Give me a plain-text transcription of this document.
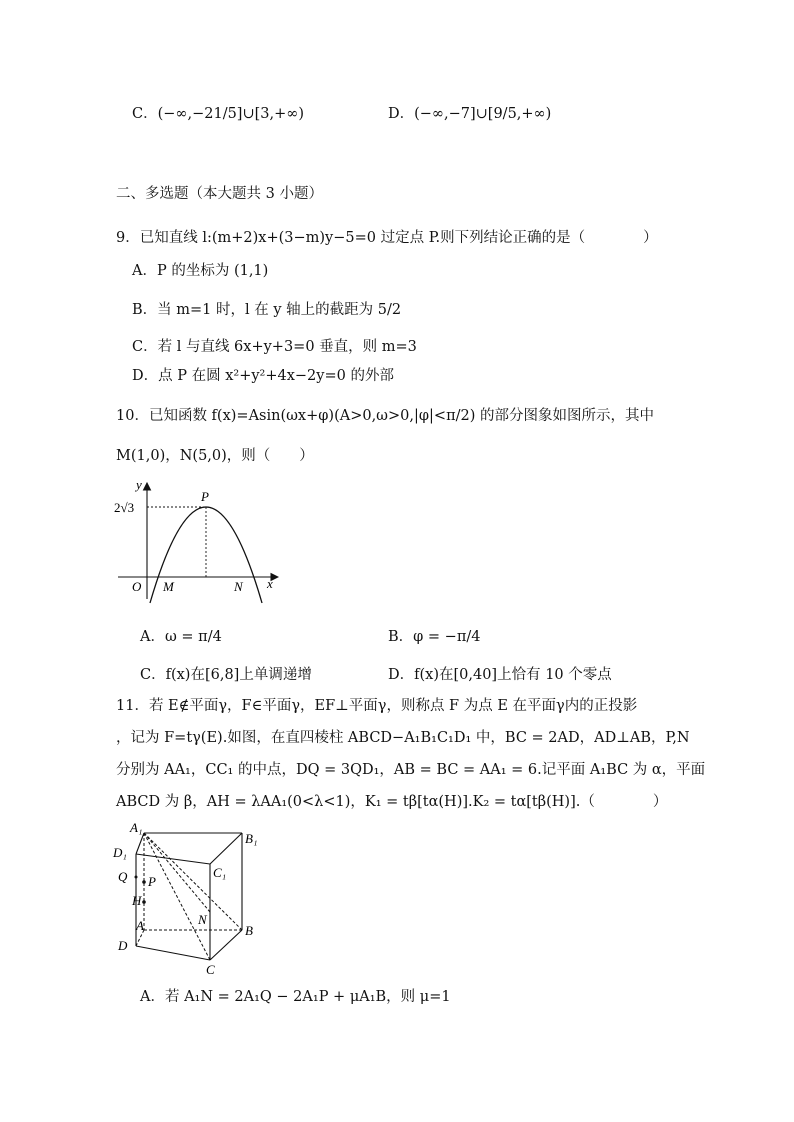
C．(−∞,−21/5]∪[3,+∞)	D．(−∞,−7]∪[9/5,+∞)
二、多选题（本大题共 3 小题）
9．已知直线 l:(m+2)x+(3−m)y−5=0 过定点 P.则下列结论正确的是（　　　　）
A．P 的坐标为 (1,1)
B．当 m=1 时，l 在 y 轴上的截距为 5/2
C．若 l 与直线 6x+y+3=0 垂直，则 m=3
D．点 P 在圆 x²+y²+4x−2y=0 的外部
10．已知函数 f(x)=Asin(ωx+φ)(A>0,ω>0,|φ|<π/2) 的部分图象如图所示，其中
M(1,0)，N(5,0)，则（　　）
y
x
O M	N
P
2√3
A．ω = π/4	B．φ = −π/4
C．f(x)在[6,8]上单调递增	D．f(x)在[0,40]上恰有 10 个零点
11．若 E∉平面γ，F∈平面γ，EF⊥平面γ，则称点 F 为点 E 在平面γ内的正投影
，记为 F=tγ(E).如图，在直四棱柱 ABCD−A₁B₁C₁D₁ 中，BC = 2AD，AD⊥AB，P,N
分别为 AA₁，CC₁ 的中点，DQ = 3QD₁，AB = BC = AA₁ = 6.记平面 A₁BC 为 α，平面
ABCD 为 β，AH = λAA₁(0<λ<1)，K₁ = tβ[tα(H)].K₂ = tα[tβ(H)].（　　　　）
A₁
B₁
D₁
C₁
Q P
H
N
A	B
D
C
A．若 A₁N = 2A₁Q − 2A₁P + μA₁B，则 μ=1
